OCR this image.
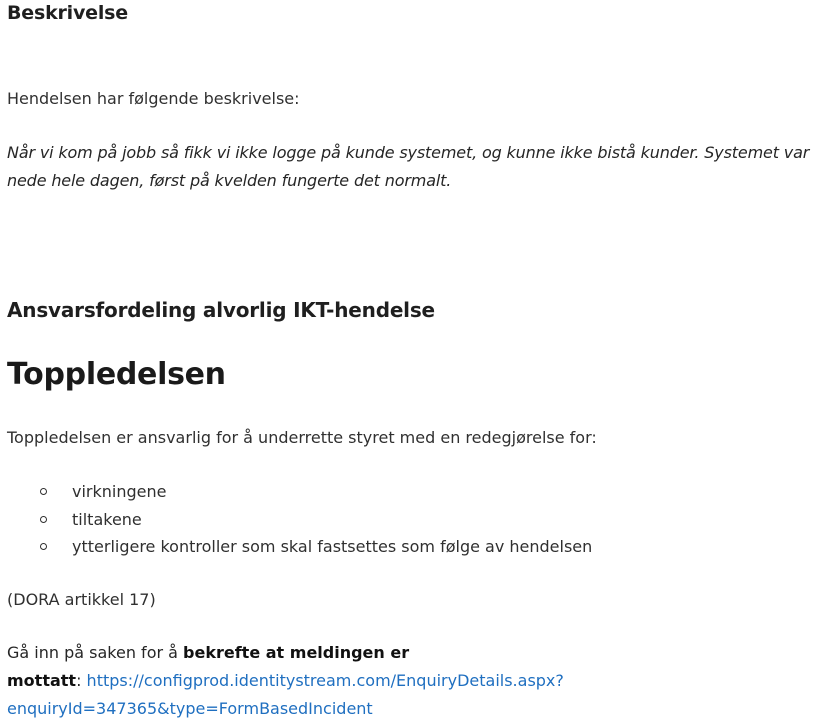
Beskrivelse

Hendelsen har følgende beskrivelse:

Når vi kom på jobb så fikk vi ikke logge på kunde systemet, og kunne ikke bistå kunder. Systemet var
nede hele dagen, først på kvelden fungerte det normalt.

Ansvarsfordeling alvorlig IKT-hendelse
Toppledelsen

Toppledelsen er ansvarlig for å underrette styret med en redegjørelse for:

virkningene
tiltakene
ytterligere kontroller som skal fastsettes som følge av hendelsen

(DORA artikkel 17)

Gå inn på saken for å bekrefte at meldingen er
mottatt: https://configprod.identitystream.com/EnquiryDetails.aspx?
enquiryId=347365&type=FormBasedIncident
